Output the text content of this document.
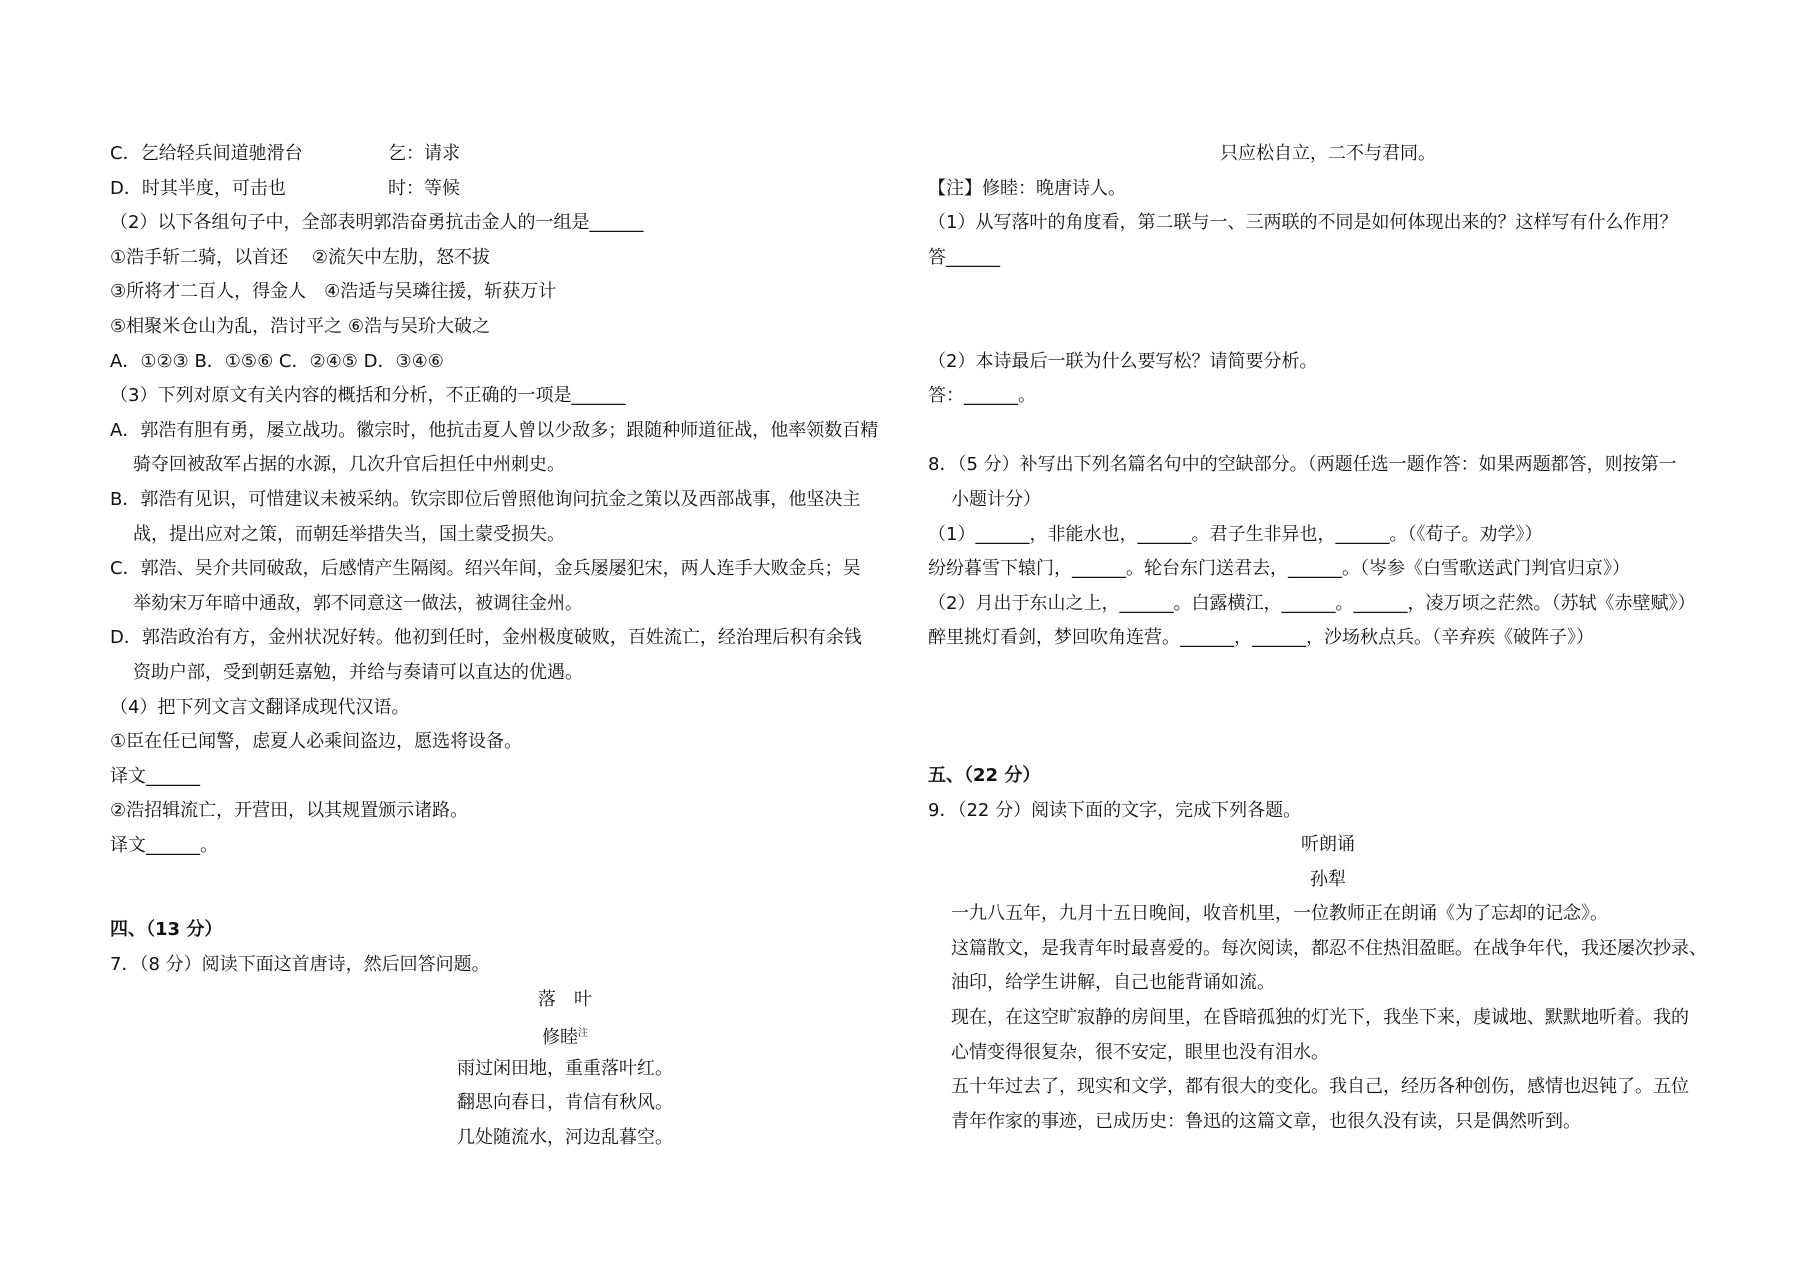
C．乞给轻兵间道驰滑台	乞：请求
D．时其半度，可击也	时：等候
（2）以下各组句子中，全部表明郭浩奋勇抗击金人的一组是______
①浩手斩二骑，以首还　 ②流矢中左肋，怒不拔
③所将才二百人，得金人　④浩适与吴璘往援，斩获万计
⑤相聚米仓山为乱，浩讨平之 ⑥浩与吴玠大破之
A．①②③ B．①⑤⑥ C．②④⑤ D．③④⑥
（3）下列对原文有关内容的概括和分析，不正确的一项是______
A．郭浩有胆有勇，屡立战功。徽宗时，他抗击夏人曾以少敌多；跟随种师道征战，他率领数百精
骑夺回被敌军占据的水源，几次升官后担任中州刺史。
B．郭浩有见识，可惜建议未被采纳。钦宗即位后曾照他询问抗金之策以及西部战事，他坚决主
战，提出应对之策，而朝廷举措失当，国土蒙受损失。
C．郭浩、吴介共同破敌，后感情产生隔阂。绍兴年间，金兵屡屡犯宋，两人连手大败金兵；吴
举劾宋万年暗中通敌，郭不同意这一做法，被调往金州。
D．郭浩政治有方，金州状况好转。他初到任时，金州极度破败，百姓流亡，经治理后积有余钱
资助户部，受到朝廷嘉勉，并给与奏请可以直达的优遇。
（4）把下列文言文翻译成现代汉语。
①臣在任已闻警，虑夏人必乘间盗边，愿选将设备。
译文______
②浩招辑流亡，开营田，以其规置颁示诸路。
译文______。
四、（13 分）
7．（8 分）阅读下面这首唐诗，然后回答问题。
落　叶
修睦$^注$
雨过闲田地，重重落叶红。
翻思向春日，肯信有秋风。
几处随流水，河边乱暮空。
只应松自立，二不与君同。
【注】修睦：晚唐诗人。
（1）从写落叶的角度看，第二联与一、三两联的不同是如何体现出来的？这样写有什么作用？
答______
（2）本诗最后一联为什么要写松？请简要分析。
答：______。
8．（5 分）补写出下列名篇名句中的空缺部分。（两题任选一题作答：如果两题都答，则按第一
小题计分）
（1）______，非能水也，______。君子生非异也，______。（《荀子。劝学》）
纷纷暮雪下辕门，______。轮台东门送君去，______。（岑参《白雪歌送武门判官归京》）
（2）月出于东山之上，______。白露横江，______。______，凌万顷之茫然。（苏轼《赤壁赋》）
醉里挑灯看剑，梦回吹角连营。______，______，沙场秋点兵。（辛弃疾《破阵子》）
五、（22 分）
9．（22 分）阅读下面的文字，完成下列各题。
听朗诵
孙犁
一九八五年，九月十五日晚间，收音机里，一位教师正在朗诵《为了忘却的记念》。
这篇散文，是我青年时最喜爱的。每次阅读，都忍不住热泪盈眶。在战争年代，我还屡次抄录、
油印，给学生讲解，自己也能背诵如流。
现在，在这空旷寂静的房间里，在昏暗孤独的灯光下，我坐下来，虔诚地、默默地听着。我的
心情变得很复杂，很不安定，眼里也没有泪水。
五十年过去了，现实和文学，都有很大的变化。我自己，经历各种创伤，感情也迟钝了。五位
青年作家的事迹，已成历史：鲁迅的这篇文章，也很久没有读，只是偶然听到。
